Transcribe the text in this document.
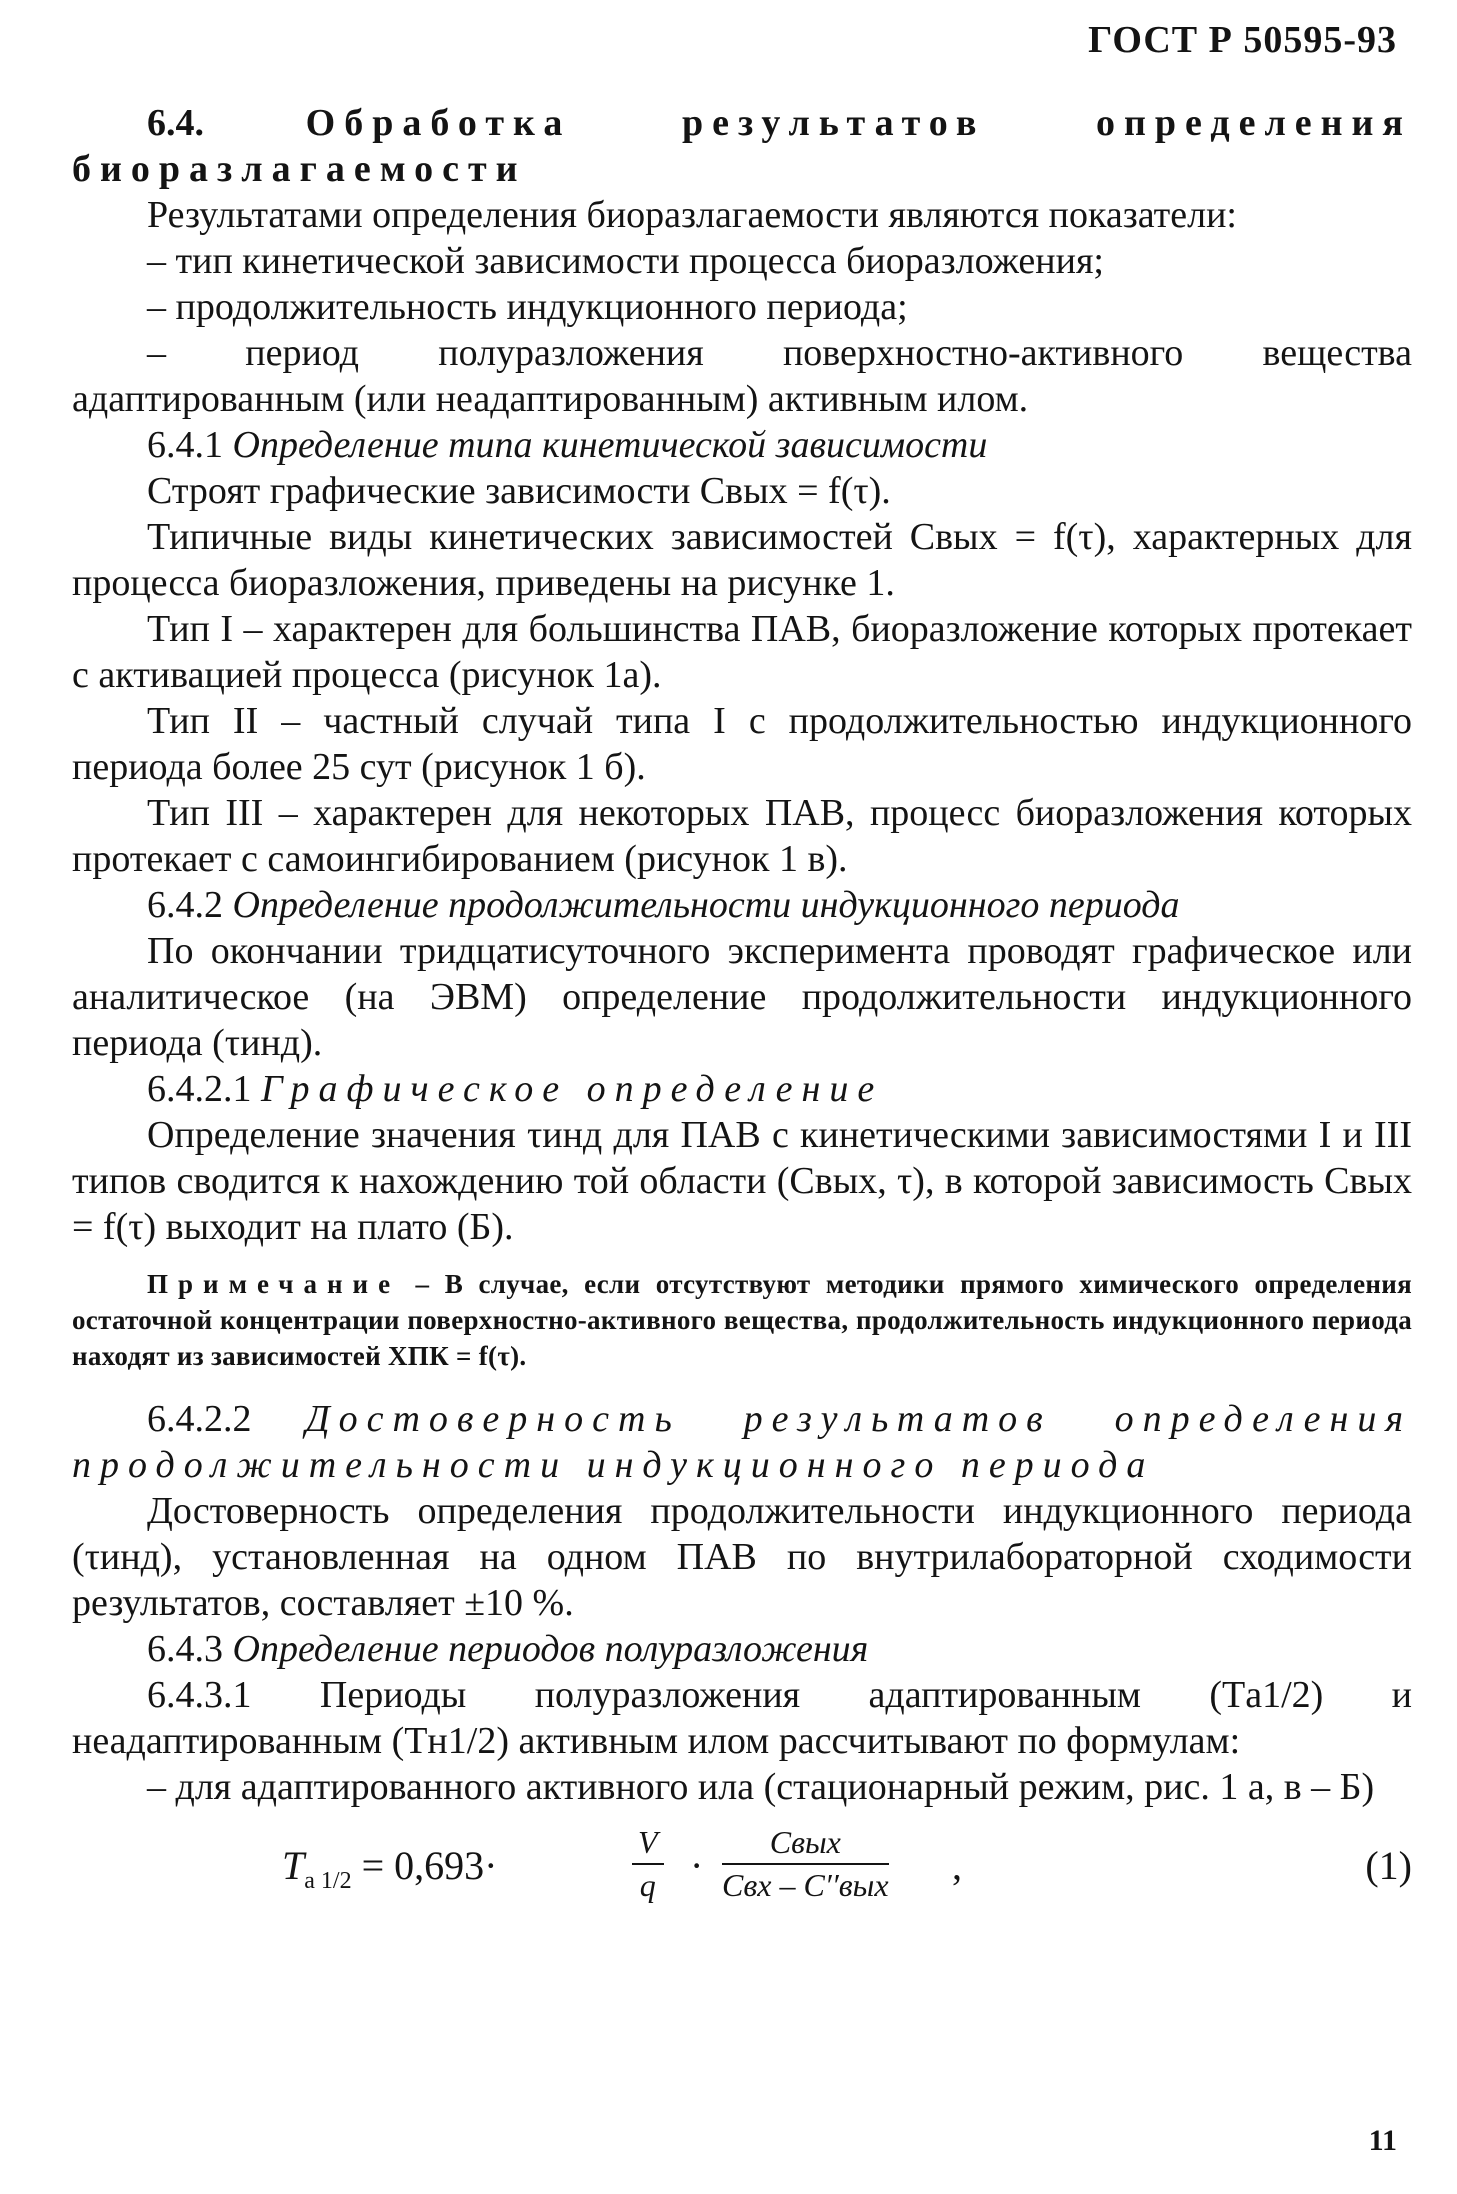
ГОСТ Р 50595-93

6.4.	Обработка результатов определения биоразлагаемости

Результатами определения биоразлагаемости являются показатели:

– тип кинетической зависимости процесса биоразложения;

– продолжительность индукционного периода;

– период полуразложения поверхностно-активного вещества адаптированным (или неадаптированным) активным илом.

6.4.1 Определение типа кинетической зависимости

Строят графические зависимости Cвых = f(τ).

Типичные виды кинетических зависимостей Cвых = f(τ), характерных для процесса биоразложения, приведены на рисунке 1.

Тип I – характерен для большинства ПАВ, биоразложение которых протекает с активацией процесса (рисунок 1а).

Тип II – частный случай типа I с продолжительностью индукционного периода более 25 сут (рисунок 1 б).

Тип III – характерен для некоторых ПАВ, процесс биоразложения которых протекает с самоингибированием (рисунок 1 в).

6.4.2 Определение продолжительности индукционного периода

По окончании тридцатисуточного эксперимента проводят графическое или аналитическое (на ЭВМ) определение продолжительности индукционного периода (τинд).

6.4.2.1 Графическое определение

Определение значения τинд для ПАВ с кинетическими зависимостями I и III типов сводится к нахождению той области (Cвых, τ), в которой зависимость Cвых = f(τ) выходит на плато (Б).

Примечание – В случае, если отсутствуют методики прямого химического определения остаточной концентрации поверхностно-активного вещества, продолжительность индукционного периода находят из зависимостей ХПК = f(τ).

6.4.2.2 Достоверность результатов определения продолжительности индукционного периода

Достоверность определения продолжительности индукционного периода (τинд), установленная на одном ПАВ по внутрилабораторной сходимости результатов, составляет ±10 %.

6.4.3 Определение периодов полуразложения

6.4.3.1 Периоды полуразложения адаптированным (Tа1/2) и неадаптированным (Tн1/2) активным илом рассчитывают по формулам:

– для адаптированного активного ила (стационарный режим, рис. 1 а, в – Б)

$T_{а 1/2} = 0,693\cdot$	$\frac{V}{q}$ ·
Cвых
Cвх – C′′вых ,	(1)
11
